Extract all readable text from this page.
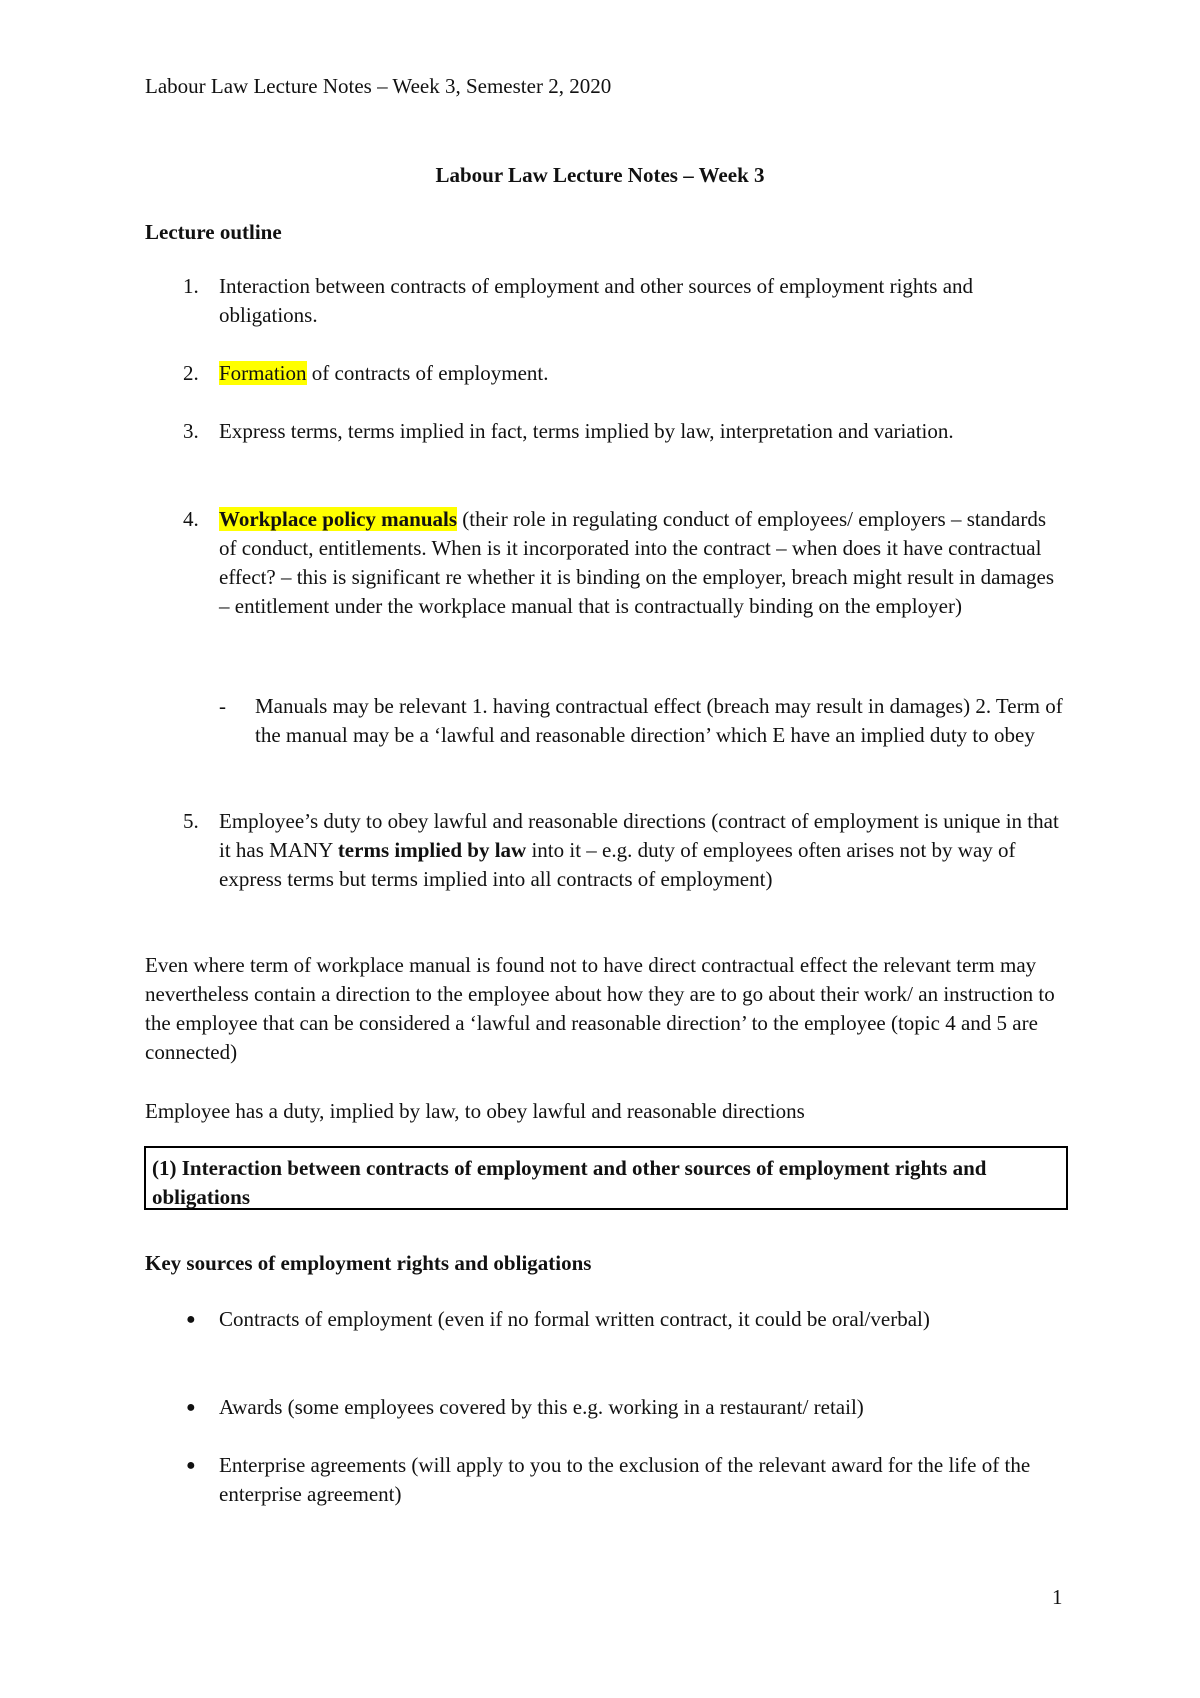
Labour Law Lecture Notes – Week 3, Semester 2, 2020
Labour Law Lecture Notes – Week 3
Lecture outline
1. Interaction between contracts of employment and other sources of employment rights and obligations.
2. Formation of contracts of employment.
3. Express terms, terms implied in fact, terms implied by law, interpretation and variation.
4. Workplace policy manuals (their role in regulating conduct of employees/ employers – standards of conduct, entitlements. When is it incorporated into the contract – when does it have contractual effect? – this is significant re whether it is binding on the employer, breach might result in damages – entitlement under the workplace manual that is contractually binding on the employer)
- Manuals may be relevant 1. having contractual effect (breach may result in damages) 2. Term of the manual may be a ‘lawful and reasonable direction’ which E have an implied duty to obey
5. Employee’s duty to obey lawful and reasonable directions (contract of employment is unique in that it has MANY terms implied by law into it – e.g. duty of employees often arises not by way of express terms but terms implied into all contracts of employment)
Even where term of workplace manual is found not to have direct contractual effect the relevant term may nevertheless contain a direction to the employee about how they are to go about their work/ an instruction to the employee that can be considered a ‘lawful and reasonable direction’ to the employee (topic 4 and 5 are connected)
Employee has a duty, implied by law, to obey lawful and reasonable directions
(1) Interaction between contracts of employment and other sources of employment rights and obligations
Key sources of employment rights and obligations
● Contracts of employment (even if no formal written contract, it could be oral/verbal)
● Awards (some employees covered by this e.g. working in a restaurant/ retail)
● Enterprise agreements (will apply to you to the exclusion of the relevant award for the life of the enterprise agreement)
1
